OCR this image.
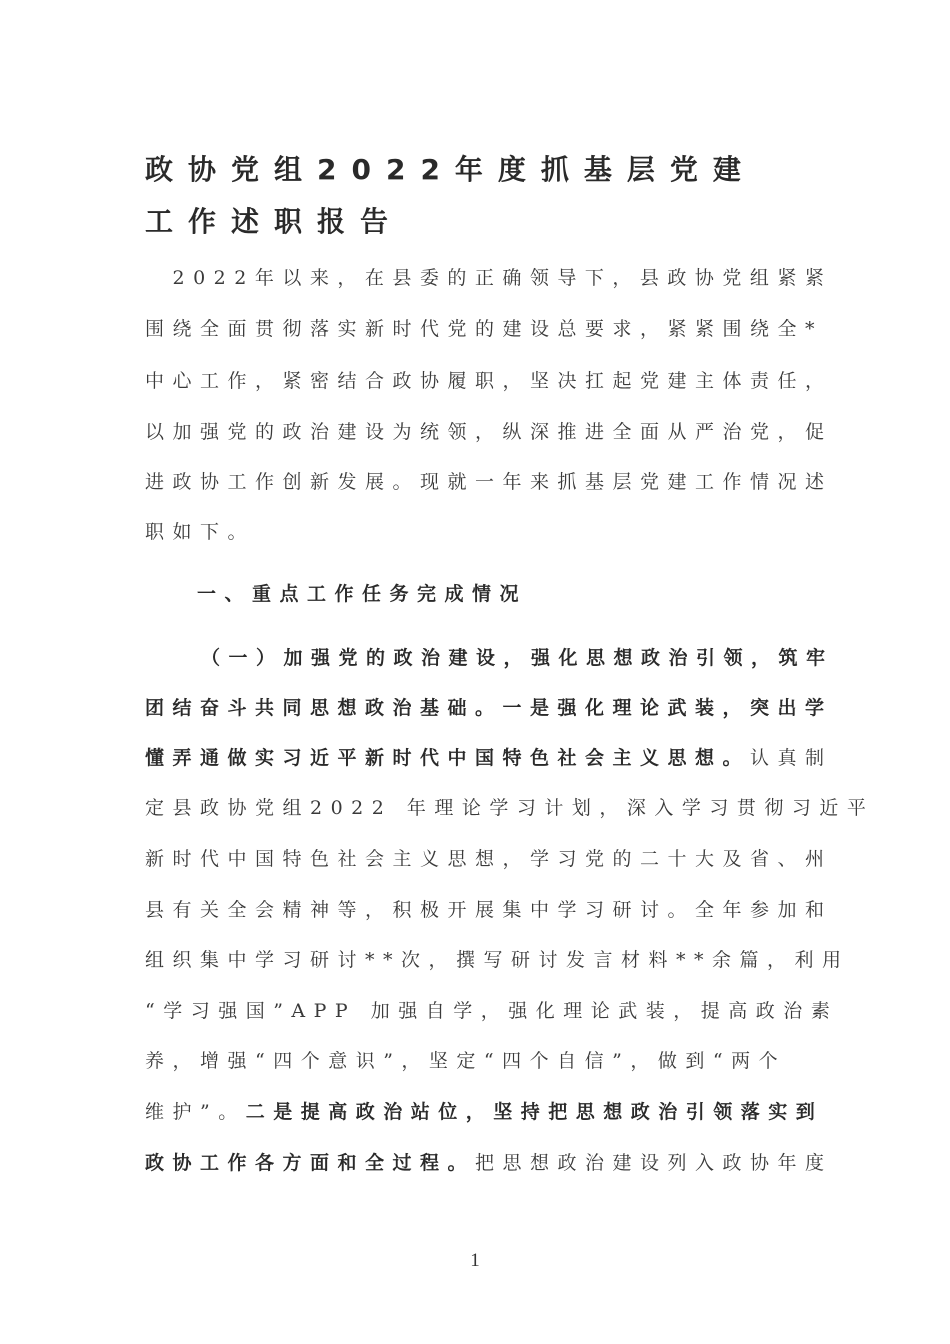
政协党组2022年度抓基层党建
工作述职报告
　2022年以来，在县委的正确领导下，县政协党组紧紧
围绕全面贯彻落实新时代党的建设总要求，紧紧围绕全*
中心工作，紧密结合政协履职，坚决扛起党建主体责任，
以加强党的政治建设为统领，纵深推进全面从严治党，促
进政协工作创新发展。现就一年来抓基层党建工作情况述
职如下。
一、重点工作任务完成情况
（一）加强党的政治建设，强化思想政治引领，筑牢
团结奋斗共同思想政治基础。一是强化理论武装，突出学
懂弄通做实习近平新时代中国特色社会主义思想。认真制
定县政协党组2022 年理论学习计划，深入学习贯彻习近平
新时代中国特色社会主义思想，学习党的二十大及省、州
县有关全会精神等，积极开展集中学习研讨。全年参加和
组织集中学习研讨**次，撰写研讨发言材料**余篇，利用
“学习强国”APP 加强自学，强化理论武装，提高政治素
养，增强“四个意识”，坚定“四个自信”，做到“两个
维护”。二是提高政治站位，坚持把思想政治引领落实到
政协工作各方面和全过程。把思想政治建设列入政协年度
1
